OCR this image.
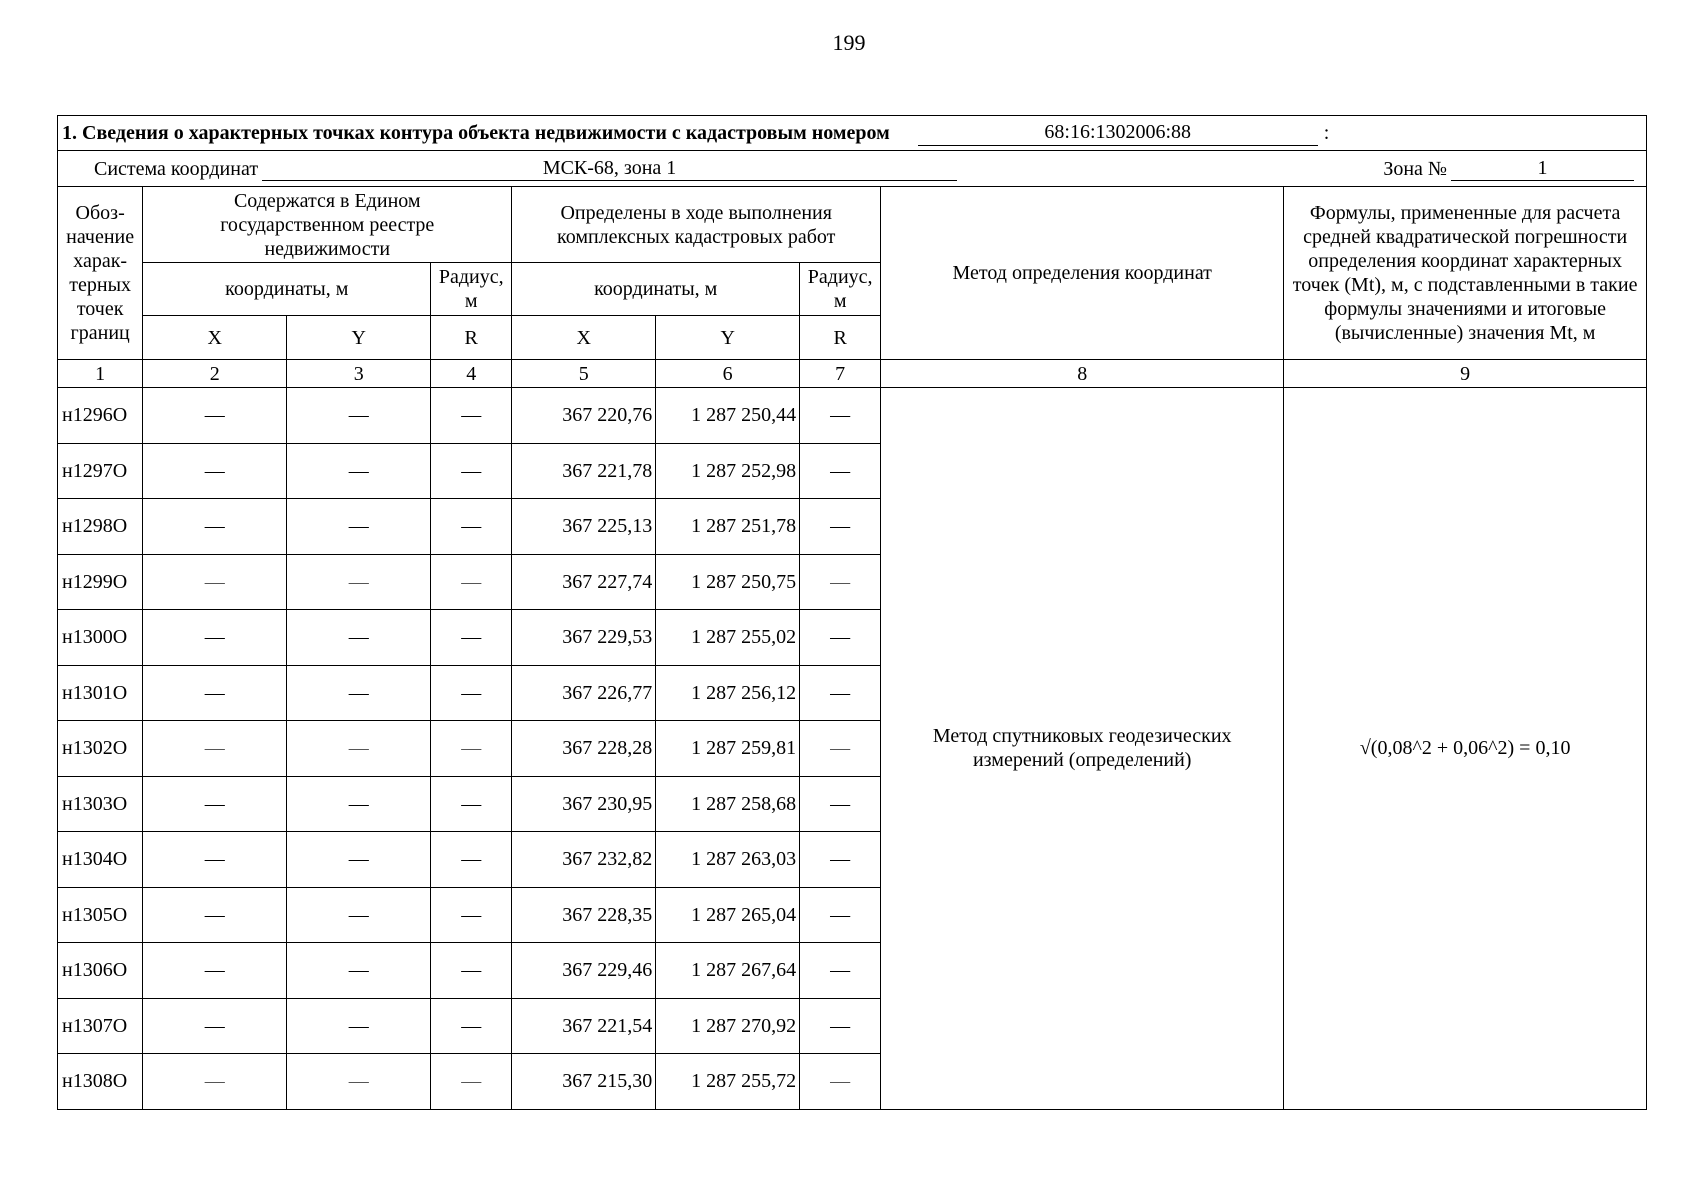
199
1. Сведения о характерных точках контура объекта недвижимости с кадастровым номером 68:16:1302006:88 :								

Система координат МСК-68, зона 1 Зона № 1								

Обоз-начение харак-терных точек границ	Содержатся в Едином государственном реестре недвижимости			Определены в ходе выполнения комплексных кадастровых работ			Метод определения координат	Формулы, примененные для расчета средней квадратической погрешности определения координат характерных точек (Mt), м, с подставленными в такие формулы значениями и итоговые (вычисленные) значения Mt, м
	координаты, м		Радиус, м	координаты, м		Радиус, м		
	X	Y	R	X	Y	R		
1	2	3	4	5	6	7	8	9
н1296О	—	—	—	367 220,76	1 287 250,44	—	Метод спутниковых геодезических измерений (определений)	√(0,08^2 + 0,06^2) = 0,10
н1297О	—	—	—	367 221,78	1 287 252,98	—		
н1298О	—	—	—	367 225,13	1 287 251,78	—		
н1299О	—	—	—	367 227,74	1 287 250,75	—		
н1300О	—	—	—	367 229,53	1 287 255,02	—		
н1301О	—	—	—	367 226,77	1 287 256,12	—		
н1302О	—	—	—	367 228,28	1 287 259,81	—		
н1303О	—	—	—	367 230,95	1 287 258,68	—		
н1304О	—	—	—	367 232,82	1 287 263,03	—		
н1305О	—	—	—	367 228,35	1 287 265,04	—		
н1306О	—	—	—	367 229,46	1 287 267,64	—		
н1307О	—	—	—	367 221,54	1 287 270,92	—		
н1308О	—	—	—	367 215,30	1 287 255,72	—		
